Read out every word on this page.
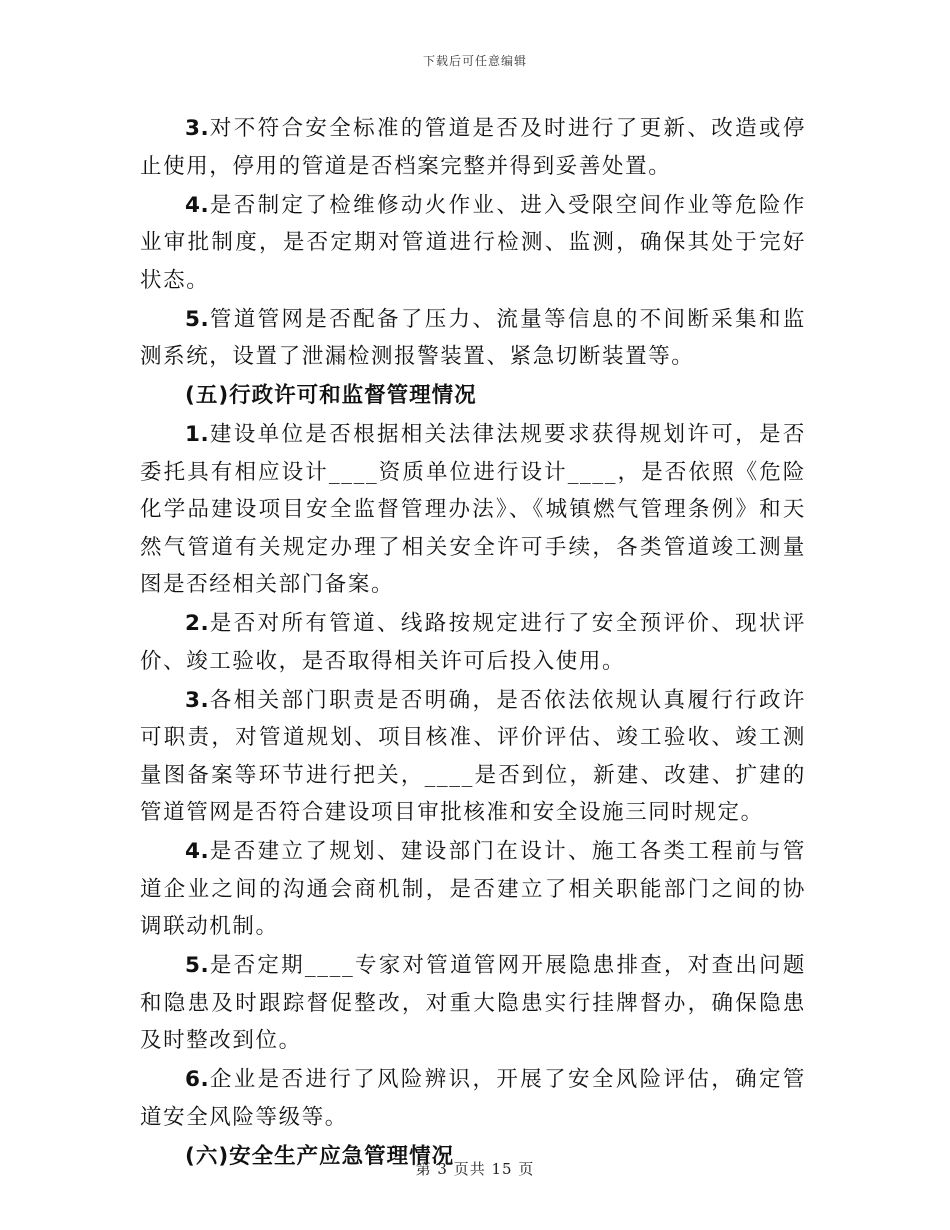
下载后可任意编辑

3.对不符合安全标准的管道是否及时进行了更新、改造或停止使用，停用的管道是否档案完整并得到妥善处置。

4.是否制定了检维修动火作业、进入受限空间作业等危险作业审批制度，是否定期对管道进行检测、监测，确保其处于完好状态。

5.管道管网是否配备了压力、流量等信息的不间断采集和监测系统，设置了泄漏检测报警装置、紧急切断装置等。

(五)行政许可和监督管理情况

1.建设单位是否根据相关法律法规要求获得规划许可，是否委托具有相应设计____资质单位进行设计____，是否依照《危险化学品建设项目安全监督管理办法》、《城镇燃气管理条例》和天然气管道有关规定办理了相关安全许可手续，各类管道竣工测量图是否经相关部门备案。

2.是否对所有管道、线路按规定进行了安全预评价、现状评价、竣工验收，是否取得相关许可后投入使用。

3.各相关部门职责是否明确，是否依法依规认真履行行政许可职责，对管道规划、项目核准、评价评估、竣工验收、竣工测量图备案等环节进行把关，____是否到位，新建、改建、扩建的管道管网是否符合建设项目审批核准和安全设施三同时规定。

4.是否建立了规划、建设部门在设计、施工各类工程前与管道企业之间的沟通会商机制，是否建立了相关职能部门之间的协调联动机制。

5.是否定期____专家对管道管网开展隐患排查，对查出问题和隐患及时跟踪督促整改，对重大隐患实行挂牌督办，确保隐患及时整改到位。

6.企业是否进行了风险辨识，开展了安全风险评估，确定管道安全风险等级等。

(六)安全生产应急管理情况

第 3 页共 15 页
